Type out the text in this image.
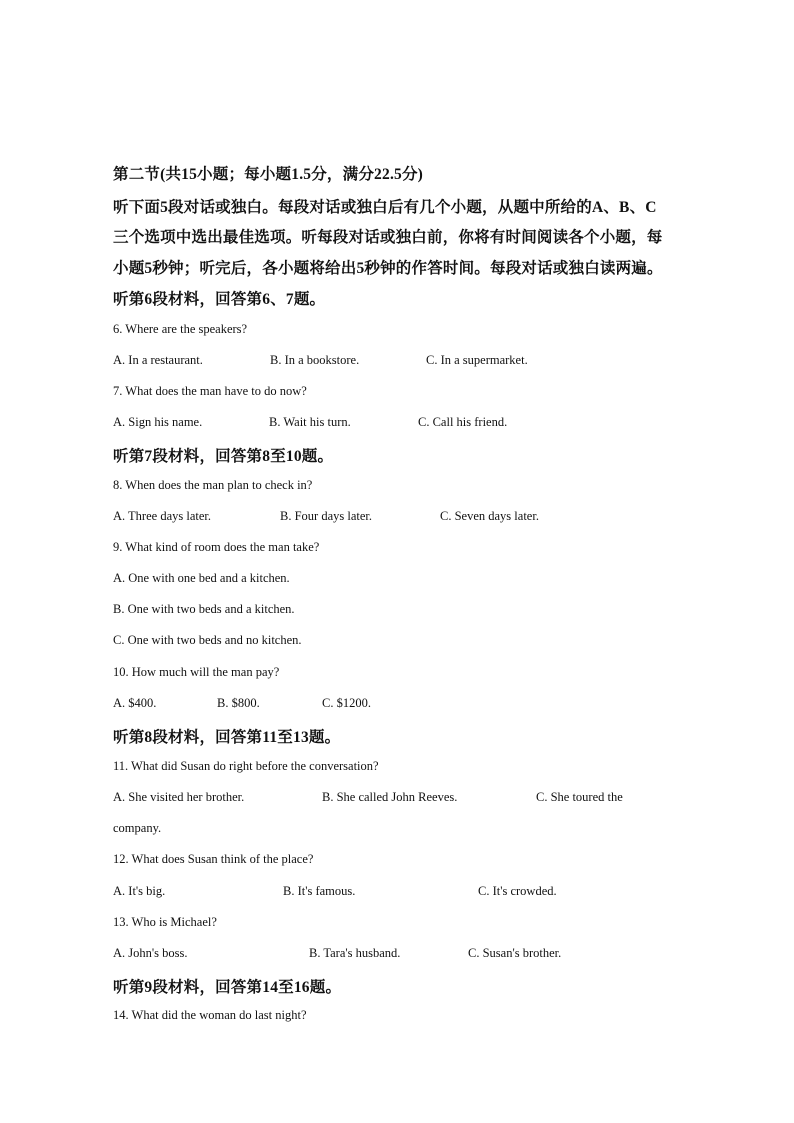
第二节(共15小题；每小题1.5分，满分22.5分)

听下面5段对话或独白。每段对话或独白后有几个小题，从题中所给的A、B、C

三个选项中选出最佳选项。听每段对话或独白前，你将有时间阅读各个小题，每

小题5秒钟；听完后，各小题将给出5秒钟的作答时间。每段对话或独白读两遍。

听第6段材料，回答第6、7题。

6. Where are the speakers?

A. In a restaurant.	B. In a bookstore.	C. In a supermarket.

7. What does the man have to do now?

A. Sign his name.	B. Wait his turn.	C. Call his friend.

听第7段材料，回答第8至10题。

8. When does the man plan to check in?

A. Three days later.	B. Four days later.	C. Seven days later.

9. What kind of room does the man take?

A. One with one bed and a kitchen.

B. One with two beds and a kitchen.

C. One with two beds and no kitchen.

10. How much will the man pay?

A. $400.	B. $800.	C. $1200.

听第8段材料，回答第11至13题。

11. What did Susan do right before the conversation?

A. She visited her brother.	B. She called John Reeves.	C. She toured the

company.

12. What does Susan think of the place?

A. It's big.	B. It's famous.	C. It's crowded.

13. Who is Michael?

A. John's boss.	B. Tara's husband.	C. Susan's brother.

听第9段材料，回答第14至16题。

14. What did the woman do last night?
